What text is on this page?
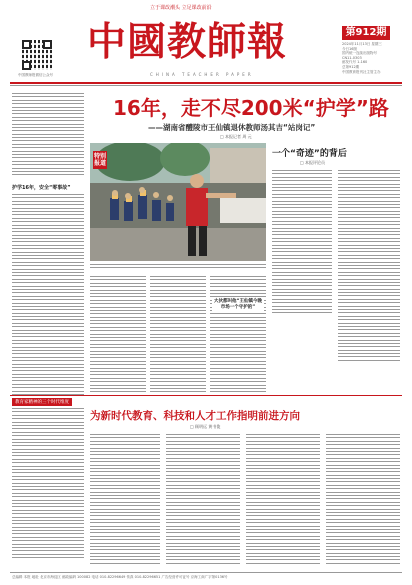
立于课改潮头 立足课改前沿
中国教师报微信公众号
中國教師報
CHINA TEACHER PAPER
第912期
2024年11月13日 星期三
今日16版
国内统一连续出版物号
CN11-0303
邮发代号 1-160
总第912期
中国教育报刊社主管主办
护学16年，安全“零事故”
16年，走不尽200米“护学”路
——湖南省醴陵市王仙镇退休教师汤其吉“站岗记”
□ 本报记者 周 元
特别
报道
一个“奇迹”的背后
□ 本报评论员
大伙都叫他“王仙镇今晚市场一个守护的”
教育家精神的三个时代维度
为新时代教育、科技和人才工作指明前进方向
□ 顾明远 黄书俊
总编辑 本报 地址 北京市海淀区 邮政编码 100082 电话 010-82296649 传真 010-82296651 广告经营许可证号 京海工商广字第0136号
